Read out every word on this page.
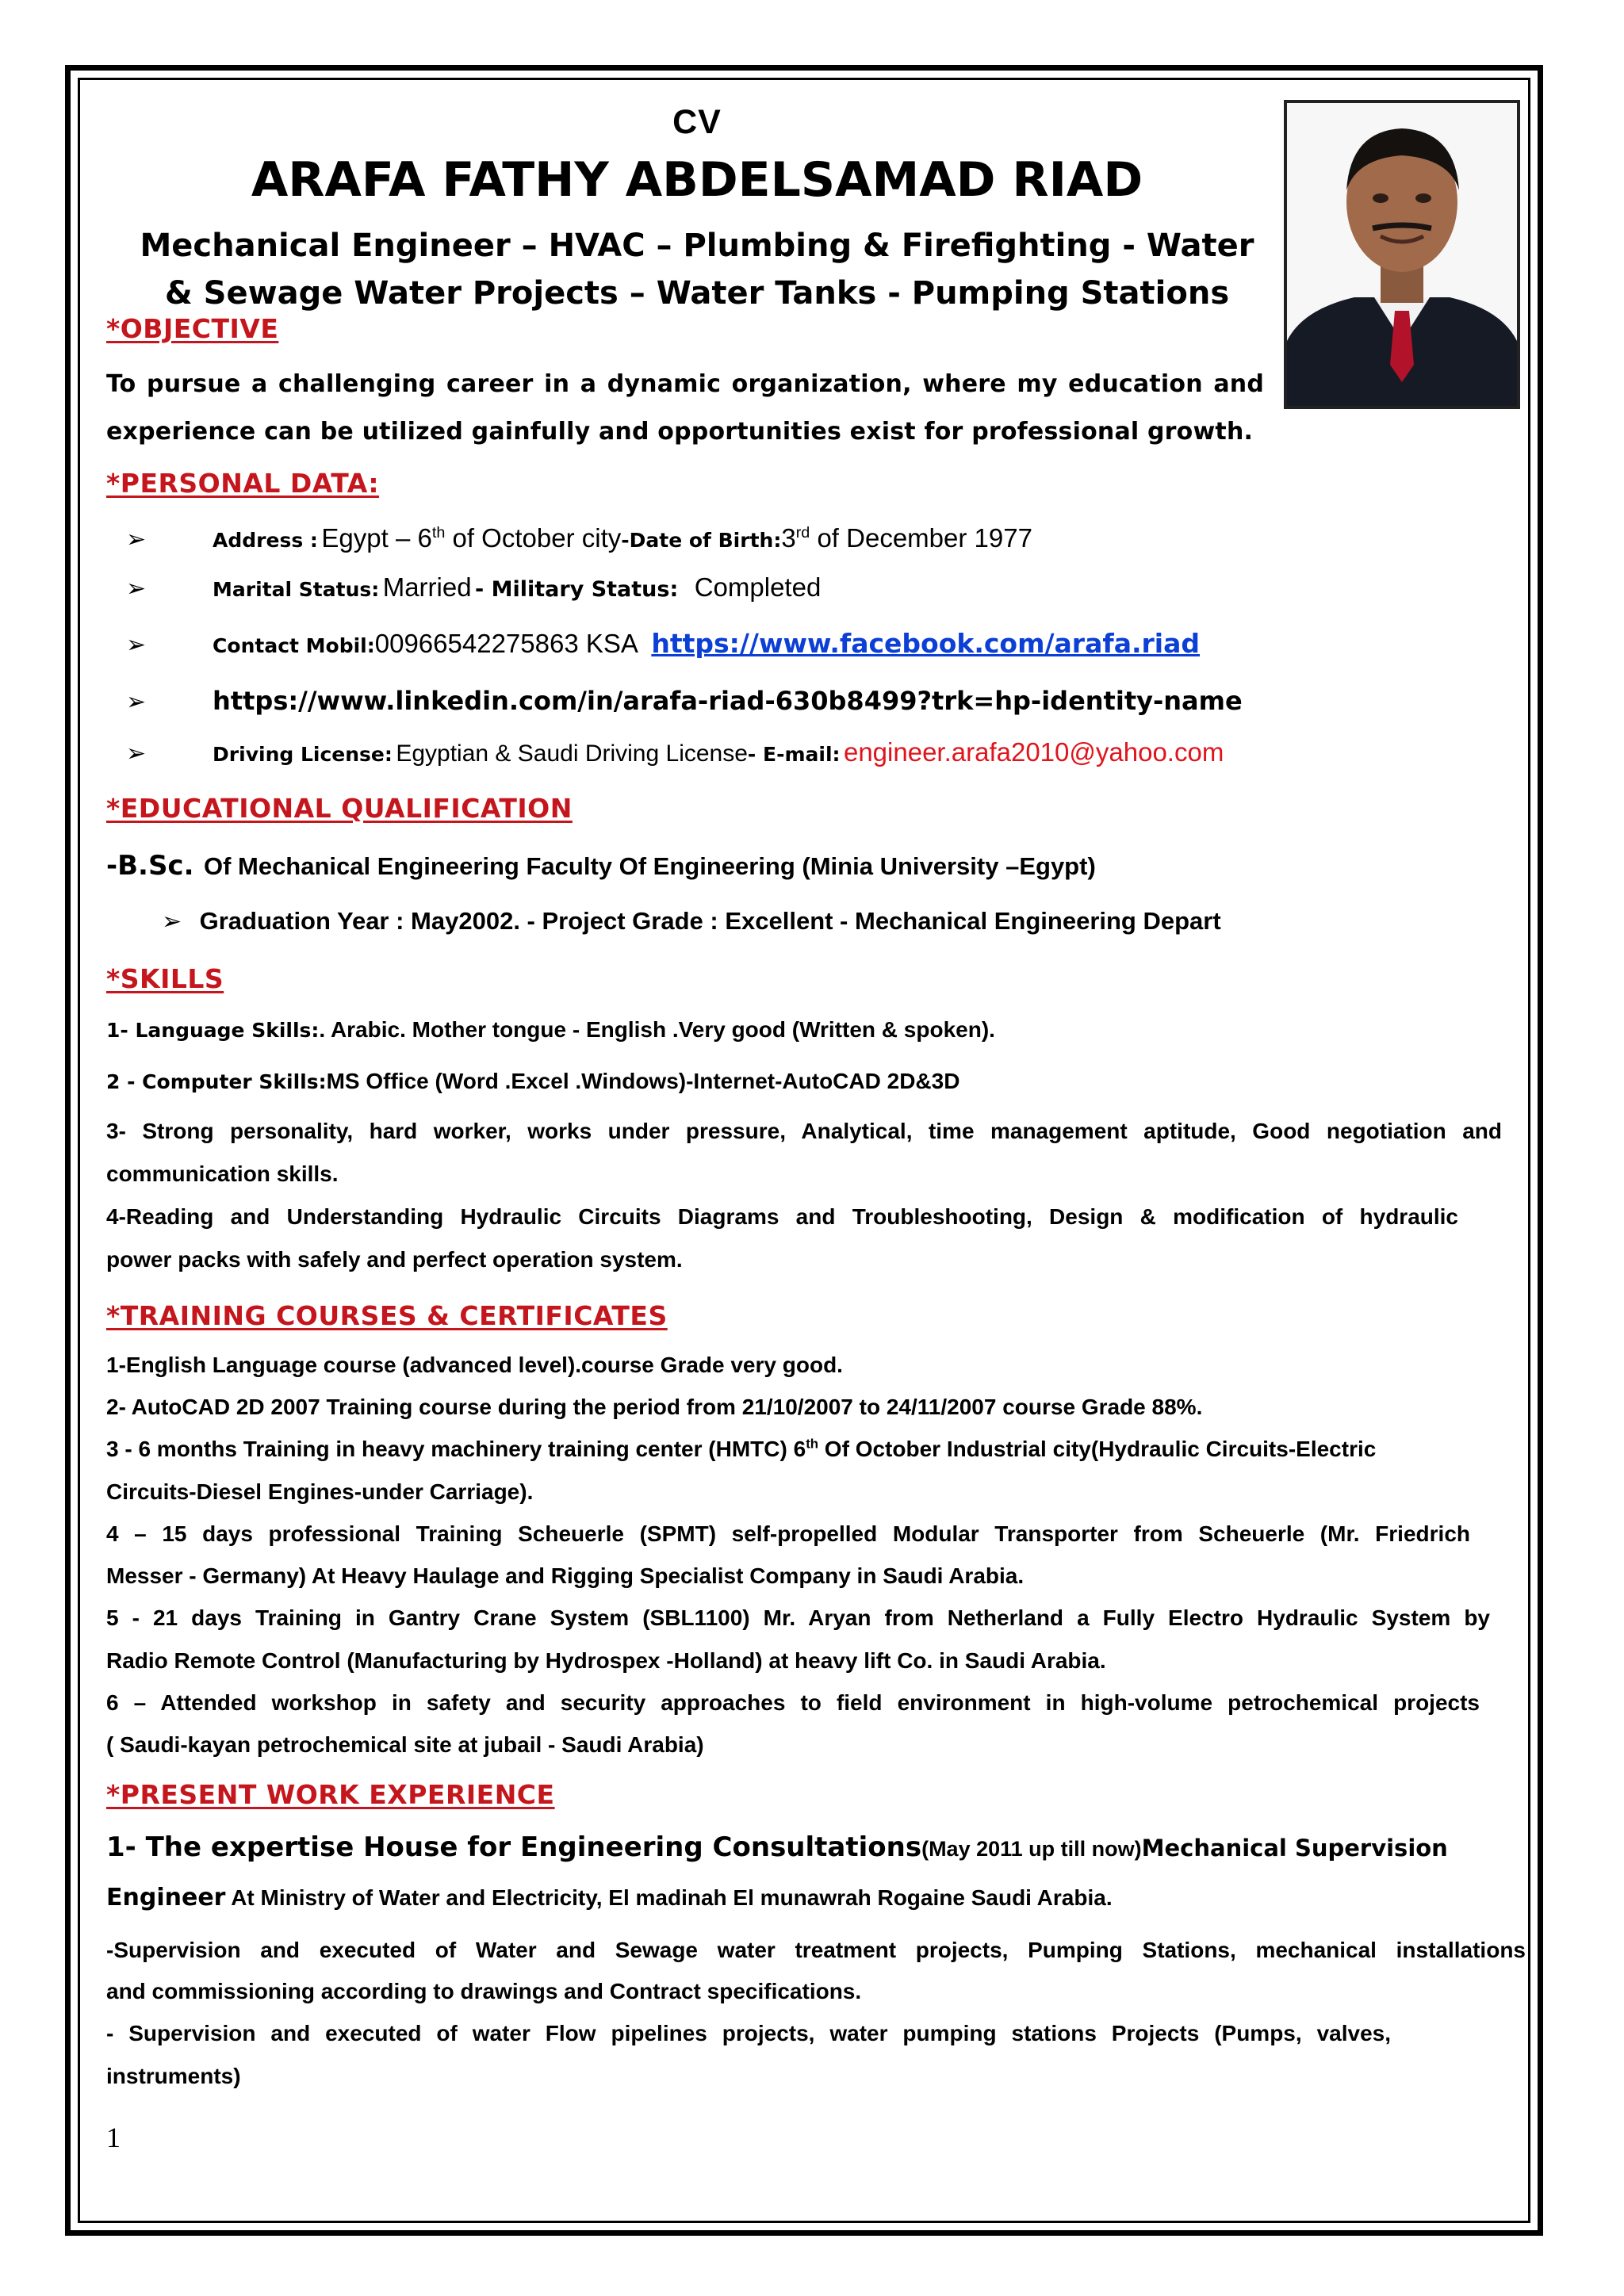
CV
ARAFA FATHY ABDELSAMAD RIAD
Mechanical Engineer – HVAC – Plumbing & Firefighting - Water
& Sewage Water Projects – Water Tanks - Pumping Stations
*OBJECTIVE
To pursue a challenging career in a dynamic organization, where my education and
experience can be utilized gainfully and opportunities exist for professional growth.
*PERSONAL DATA:
➢	Address : Egypt – 6th of October city-Date of Birth:3rd of December 1977
➢	Marital Status: Married - Military Status: Completed
➢	Contact Mobil:00966542275863 KSA https://www.facebook.com/arafa.riad
➢	https://www.linkedin.com/in/arafa-riad-630b8499?trk=hp-identity-name
➢	Driving License: Egyptian & Saudi Driving License- E-mail: engineer.arafa2010@yahoo.com
*EDUCATIONAL QUALIFICATION
-B.Sc. Of Mechanical Engineering Faculty Of Engineering (Minia University –Egypt)
➢ Graduation Year : May2002. - Project Grade : Excellent - Mechanical Engineering Depart
*SKILLS
1- Language Skills:. Arabic. Mother tongue - English .Very good (Written & spoken).
2 - Computer Skills:MS Office (Word .Excel .Windows)-Internet-AutoCAD 2D&3D
3- Strong personality, hard worker, works under pressure, Analytical, time management aptitude, Good negotiation and
communication skills.
4-Reading and Understanding Hydraulic Circuits Diagrams and Troubleshooting, Design & modification of hydraulic
power packs with safely and perfect operation system.
*TRAINING COURSES & CERTIFICATES
1-English Language course (advanced level).course Grade very good.
2- AutoCAD 2D 2007 Training course during the period from 21/10/2007 to 24/11/2007 course Grade 88%.
3 - 6 months Training in heavy machinery training center (HMTC) 6th Of October Industrial city(Hydraulic Circuits-Electric
Circuits-Diesel Engines-under Carriage).
4 – 15 days professional Training Scheuerle (SPMT) self-propelled Modular Transporter from Scheuerle (Mr. Friedrich
Messer - Germany) At Heavy Haulage and Rigging Specialist Company in Saudi Arabia.
5 - 21 days Training in Gantry Crane System (SBL1100) Mr. Aryan from Netherland a Fully Electro Hydraulic System by
Radio Remote Control (Manufacturing by Hydrospex -Holland) at heavy lift Co. in Saudi Arabia.
6 – Attended workshop in safety and security approaches to field environment in high-volume petrochemical projects
( Saudi-kayan petrochemical site at jubail - Saudi Arabia)
*PRESENT WORK EXPERIENCE
1- The expertise House for Engineering Consultations(May 2011 up till now)Mechanical Supervision
Engineer At Ministry of Water and Electricity, El madinah El munawrah Rogaine Saudi Arabia.
-Supervision and executed of Water and Sewage water treatment projects, Pumping Stations, mechanical installations
and commissioning according to drawings and Contract specifications.
- Supervision and executed of water Flow pipelines projects, water pumping stations Projects (Pumps, valves,
instruments)
1
